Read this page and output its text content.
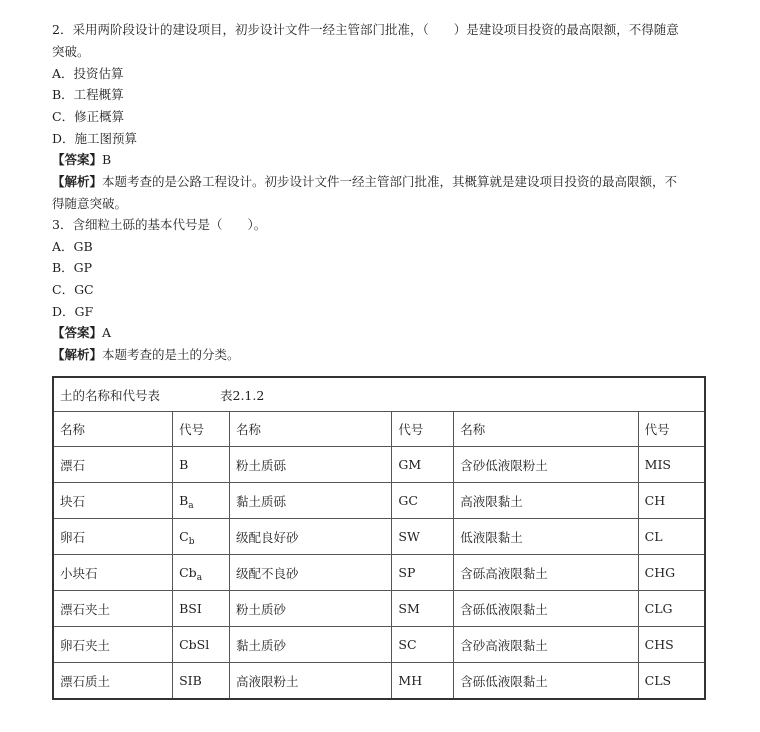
2．采用两阶段设计的建设项目，初步设计文件一经主管部门批准，（　　）是建设项目投资的最高限额，不得随意
突破。
A．投资估算
B．工程概算
C．修正概算
D．施工图预算
【答案】B
【解析】本题考查的是公路工程设计。初步设计文件一经主管部门批准，其概算就是建设项目投资的最高限额，不
得随意突破。
3．含细粒土砾的基本代号是（　　）。
A．GB
B．GP
C．GC
D．GF
【答案】A
【解析】本题考查的是土的分类。
土的名称和代号表 表2.1.2					
名称	代号	名称	代号	名称	代号
漂石	B	粉土质砾	GM	含砂低液限粉土	MIS
块石	$B_a$	黏土质砾	GC	高液限黏土	CH
卵石	$C_b$	级配良好砂	SW	低液限黏土	CL
小块石	$Cb_a$	级配不良砂	SP	含砾高液限黏土	CHG
漂石夹土	BSI	粉土质砂	SM	含砾低液限黏土	CLG
卵石夹土	CbSl	黏土质砂	SC	含砂高液限黏土	CHS
漂石质土	SIB	高液限粉土	MH	含砾低液限黏土	CLS
